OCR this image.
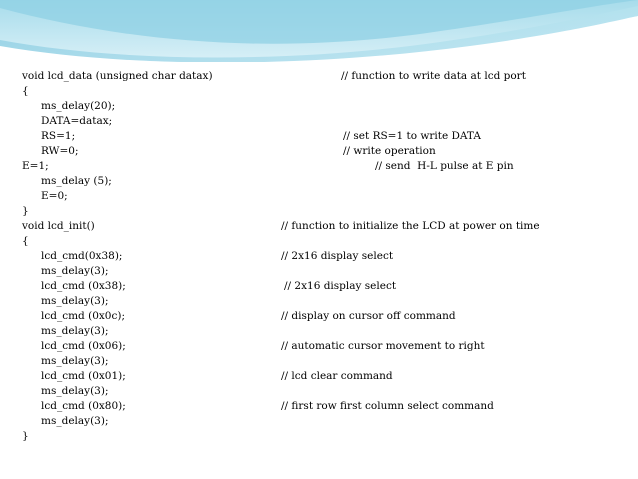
void lcd_data (unsigned char datax)

	// function to write data at lcd port

{

ms_delay(20);

DATA=datax;

RS=1;

	// set RS=1 to write DATA

RW=0;

	// write operation

E=1;

	// send  H-L pulse at E pin

ms_delay (5);

E=0;

}

void lcd_init()

	// function to initialize the LCD at power on time

{

lcd_cmd(0x38);

	// 2x16 display select

ms_delay(3);

lcd_cmd (0x38);

	// 2x16 display select

ms_delay(3);

lcd_cmd (0x0c);

	// display on cursor off command

ms_delay(3);

lcd_cmd (0x06);

	// automatic cursor movement to right

ms_delay(3);

lcd_cmd (0x01);

	// lcd clear command

ms_delay(3);

lcd_cmd (0x80);

	// first row first column select command

ms_delay(3);

}
